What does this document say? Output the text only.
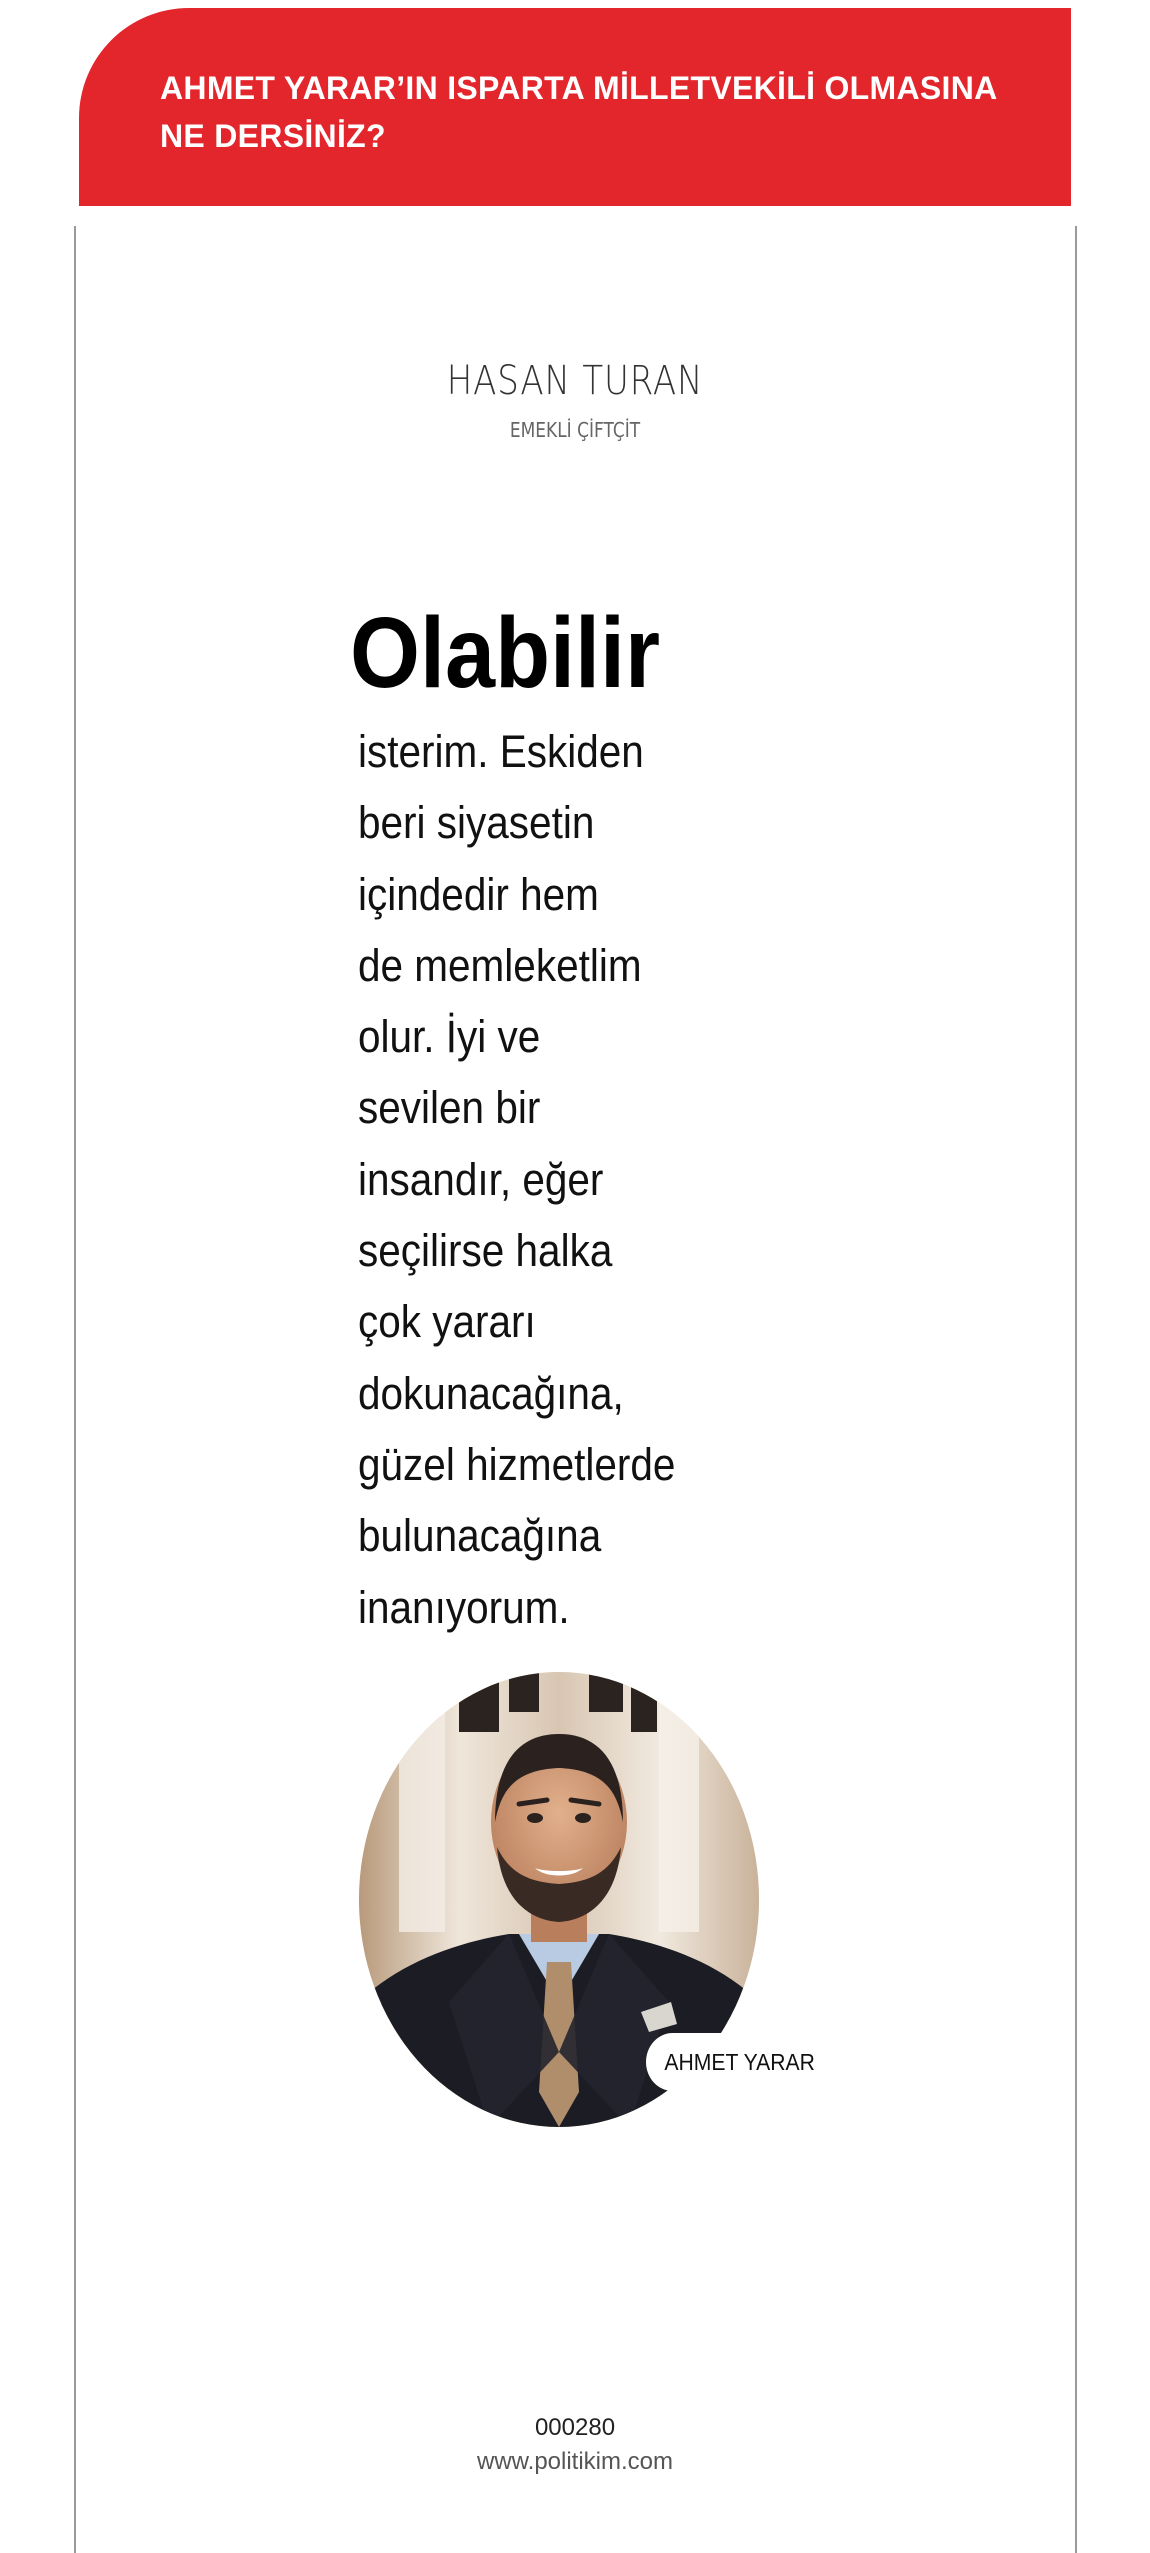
AHMET YARAR’IN ISPARTA MİLLETVEKİLİ OLMASINA
NE DERSİNİZ?
HASAN TURAN
EMEKLİ ÇİFTÇİT

Olabilir

isterim. Eskiden
beri siyasetin
içindedir hem
de memleketlim
olur. İyi ve
sevilen bir
insandır, eğer
seçilirse halka
çok yararı
dokunacağına,
güzel hizmetlerde
bulunacağına
inanıyorum.

AHMET YARAR
000280
www.politikim.com
